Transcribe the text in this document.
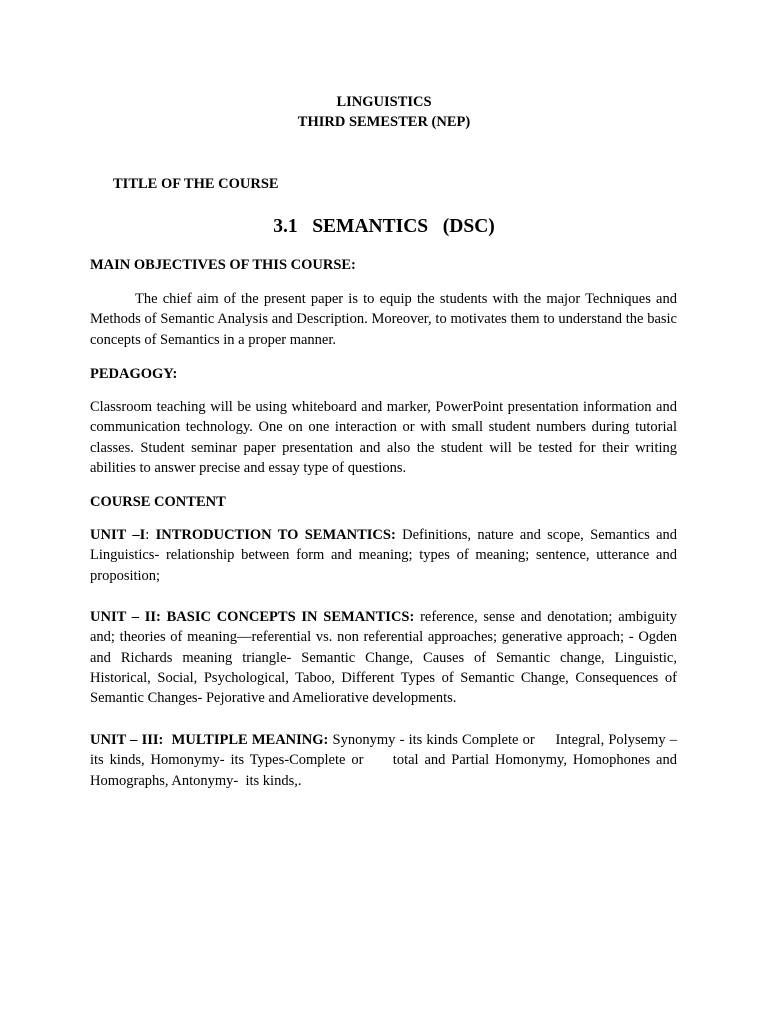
LINGUISTICS
THIRD SEMESTER (NEP)
TITLE OF THE COURSE
3.1   SEMANTICS   (DSC)
MAIN OBJECTIVES OF THIS COURSE:
The chief aim of the present paper is to equip the students with the major Techniques and Methods of Semantic Analysis and Description. Moreover, to motivates them to understand the basic concepts of Semantics in a proper manner.
PEDAGOGY:
Classroom teaching will be using whiteboard and marker, PowerPoint presentation information and communication technology. One on one interaction or with small student numbers during tutorial classes. Student seminar paper presentation and also the student will be tested for their writing abilities to answer precise and essay type of questions.
COURSE CONTENT
UNIT –I: INTRODUCTION TO SEMANTICS: Definitions, nature and scope, Semantics and Linguistics- relationship between form and meaning; types of meaning; sentence, utterance and proposition;
UNIT – II: BASIC CONCEPTS IN SEMANTICS: reference, sense and denotation; ambiguity and; theories of meaning—referential vs. non referential approaches; generative approach; - Ogden and Richards meaning triangle- Semantic Change, Causes of Semantic change, Linguistic, Historical, Social, Psychological, Taboo, Different Types of Semantic Change, Consequences of Semantic Changes- Pejorative and Ameliorative developments.
UNIT – III:  MULTIPLE MEANING: Synonymy - its kinds Complete or     Integral, Polysemy – its kinds, Homonymy- its Types-Complete or     total and Partial Homonymy, Homophones and Homographs, Antonymy-  its kinds,.
